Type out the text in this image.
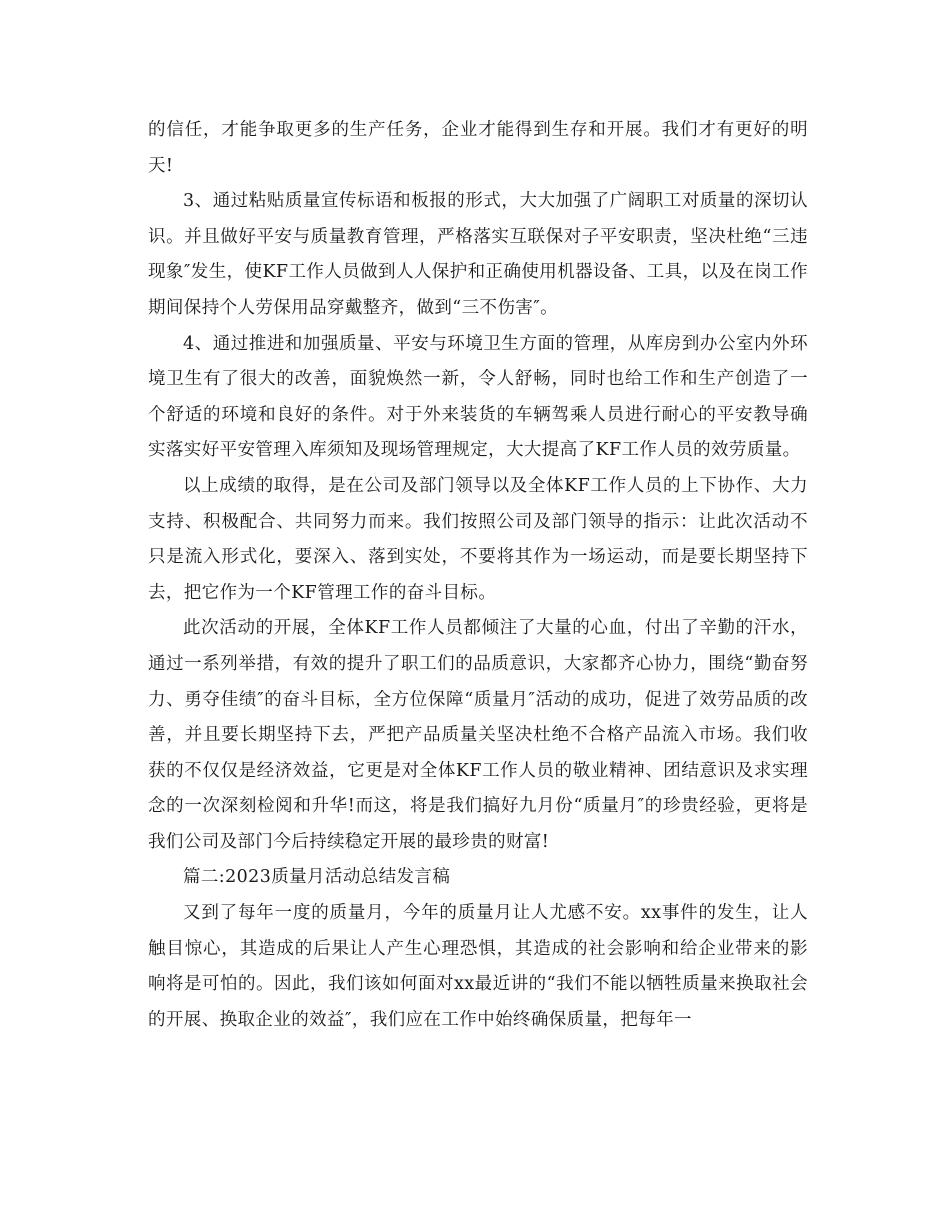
的信任，才能争取更多的生产任务，企业才能得到生存和开展。我们才有更好的明天!

3、通过粘贴质量宣传标语和板报的形式，大大加强了广阔职工对质量的深切认识。并且做好平安与质量教育管理，严格落实互联保对子平安职责，坚决杜绝“三违现象″发生，使KF工作人员做到人人保护和正确使用机器设备、工具，以及在岗工作期间保持个人劳保用品穿戴整齐，做到“三不伤害″。

4、通过推进和加强质量、平安与环境卫生方面的管理，从库房到办公室内外环境卫生有了很大的改善，面貌焕然一新，令人舒畅，同时也给工作和生产创造了一个舒适的环境和良好的条件。对于外来装货的车辆驾乘人员进行耐心的平安教导确实落实好平安管理入库须知及现场管理规定，大大提高了KF工作人员的效劳质量。

以上成绩的取得，是在公司及部门领导以及全体KF工作人员的上下协作、大力支持、积极配合、共同努力而来。我们按照公司及部门领导的指示：让此次活动不只是流入形式化，要深入、落到实处，不要将其作为一场运动，而是要长期坚持下去，把它作为一个KF管理工作的奋斗目标。

此次活动的开展，全体KF工作人员都倾注了大量的心血，付出了辛勤的汗水，通过一系列举措，有效的提升了职工们的品质意识，大家都齐心协力，围绕“勤奋努力、勇夺佳绩″的奋斗目标，全方位保障“质量月″活动的成功，促进了效劳品质的改善，并且要长期坚持下去，严把产品质量关坚决杜绝不合格产品流入市场。我们收获的不仅仅是经济效益，它更是对全体KF工作人员的敬业精神、团结意识及求实理念的一次深刻检阅和升华!而这，将是我们搞好九月份“质量月″的珍贵经验，更将是我们公司及部门今后持续稳定开展的最珍贵的财富!

篇二:2023质量月活动总结发言稿

又到了每年一度的质量月，今年的质量月让人尤感不安。xx事件的发生，让人触目惊心，其造成的后果让人产生心理恐惧，其造成的社会影响和给企业带来的影响将是可怕的。因此，我们该如何面对xx最近讲的“我们不能以牺牲质量来换取社会的开展、换取企业的效益″，我们应在工作中始终确保质量，把每年一
